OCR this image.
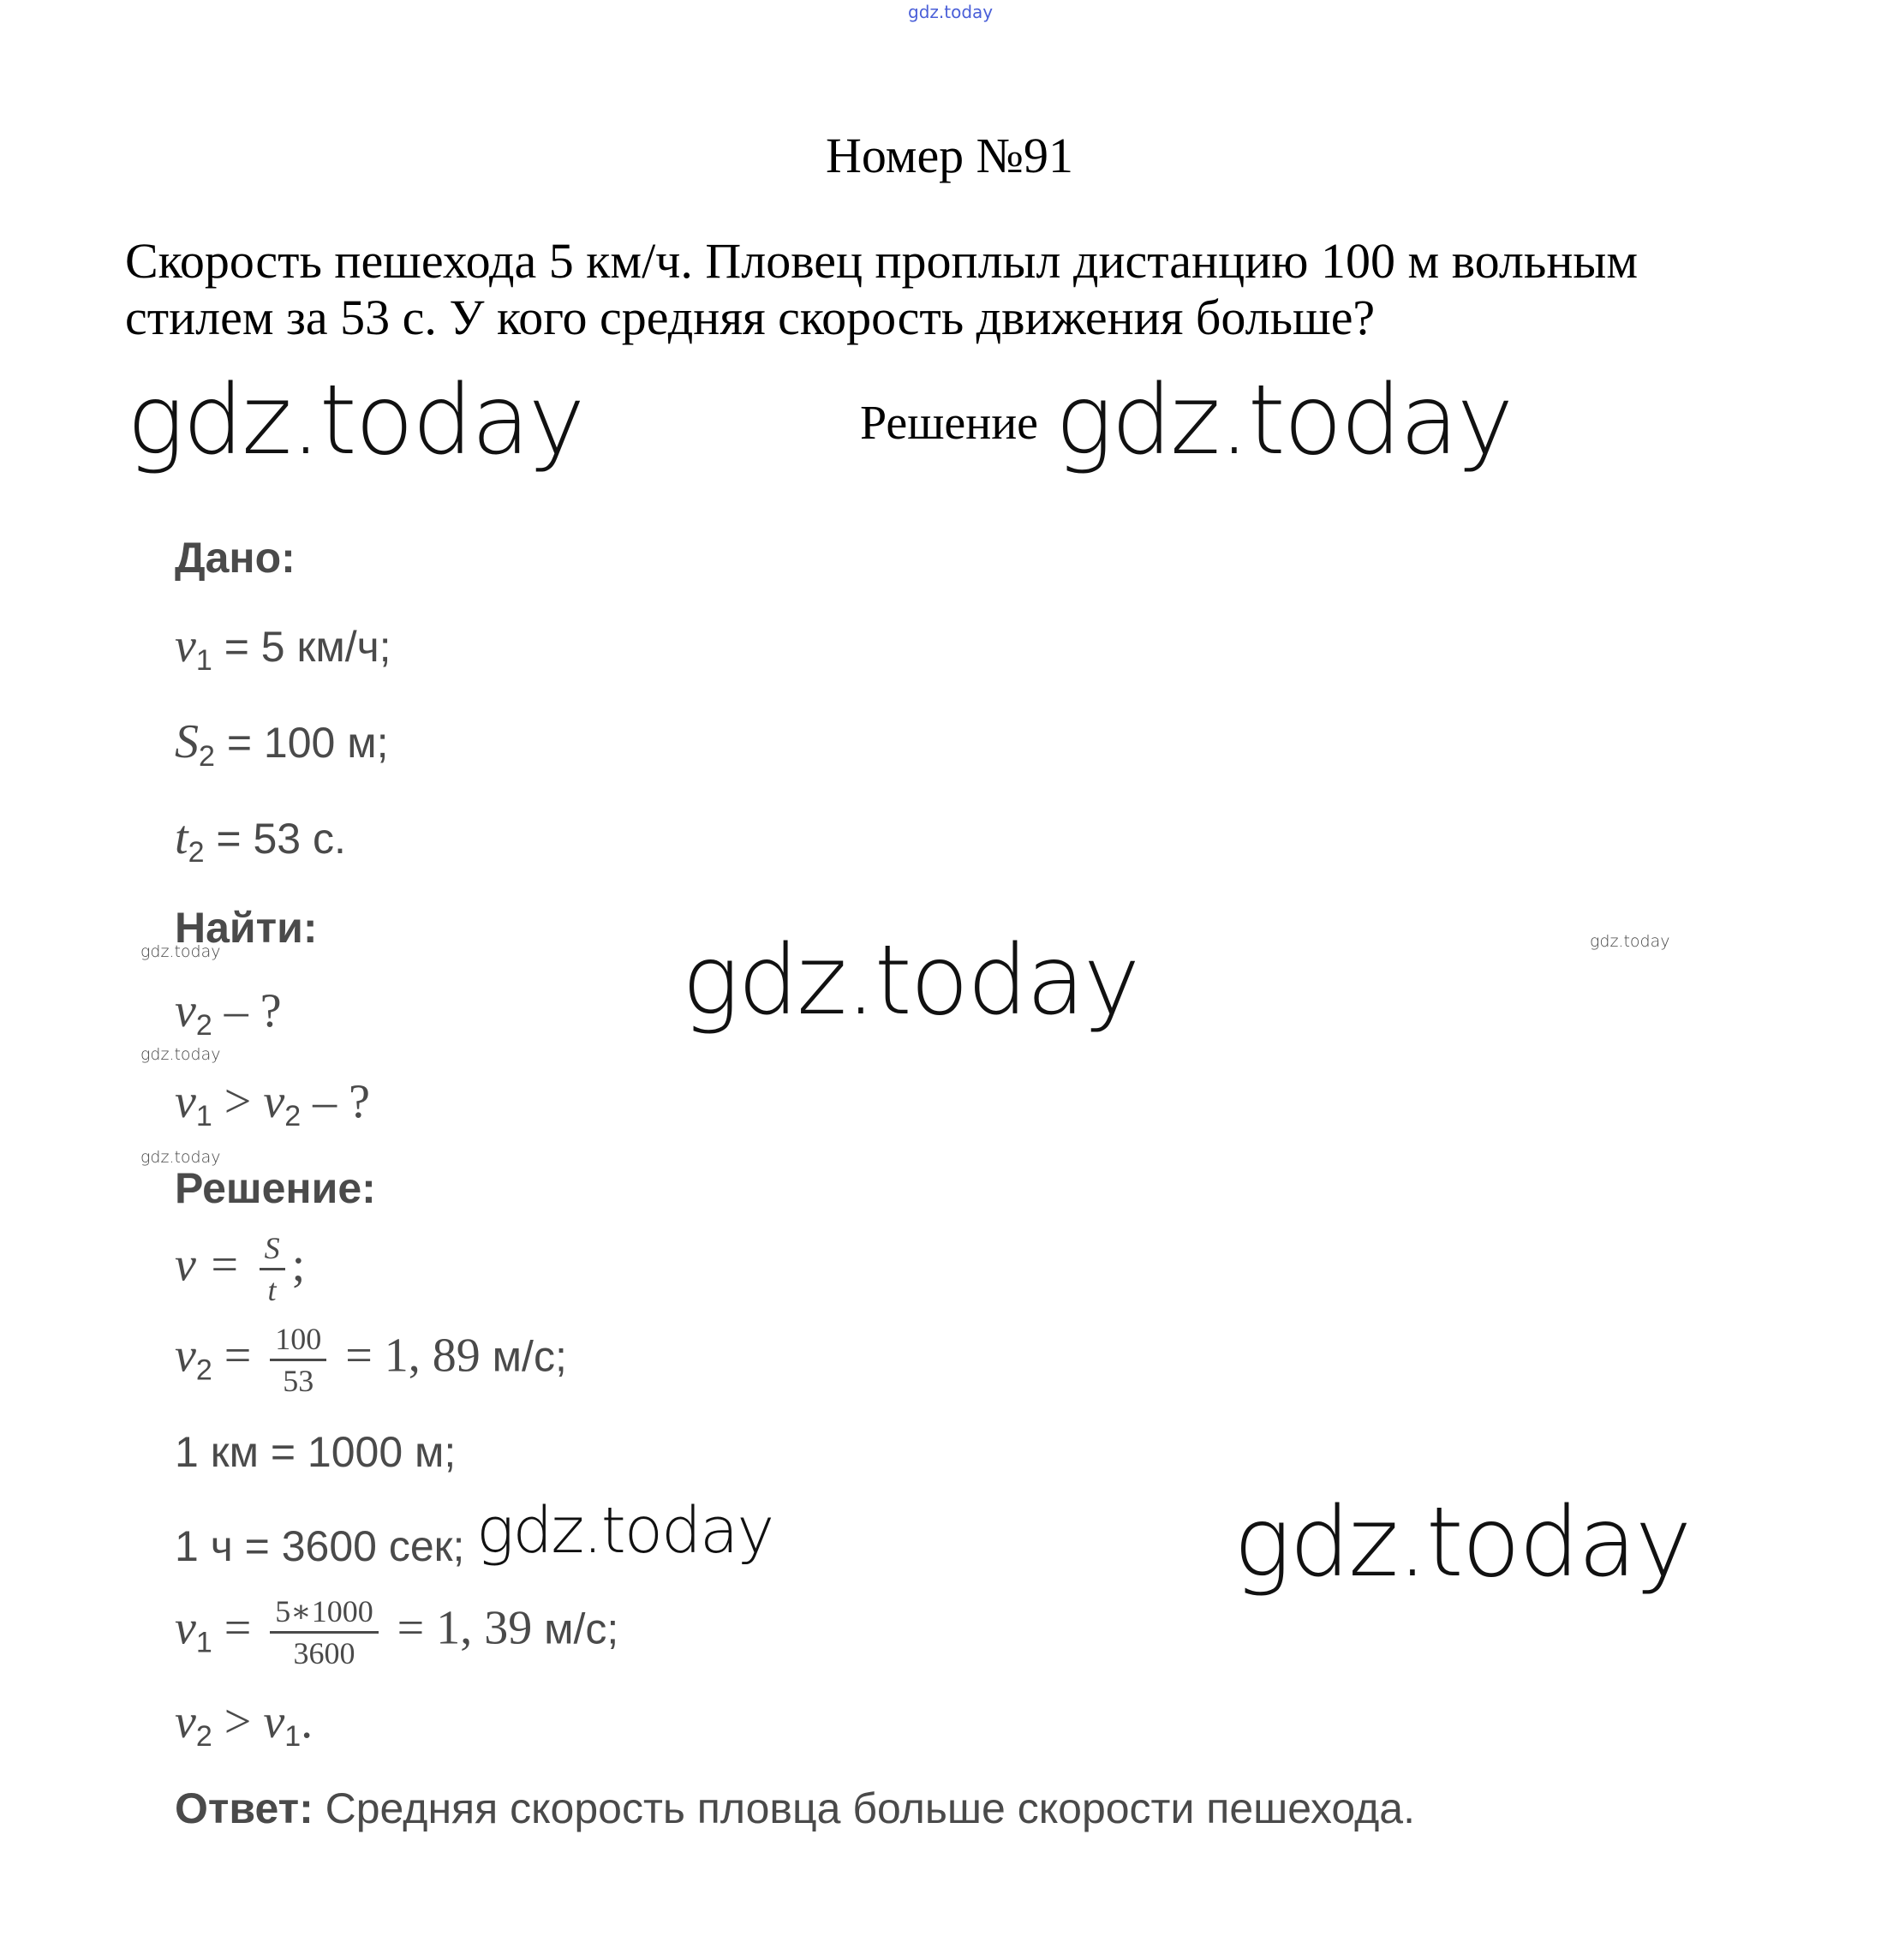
gdz.today
Номер №91
Скорость пешехода 5 км/ч. Пловец проплыл дистанцию 100 м вольным стилем за 53 с. У кого средняя скорость движения больше?
gdz.today	Решение gdz.today
Дано:
$v_1 = 5$ км/ч;
$S_2 = 100$ м;
$t_2 = 53$ с.
Найти:
gdz.today
gdz.today
gdz.today
$v_2$ – ?
gdz.today
$v_1 > v_2$ – ?
gdz.today
Решение:
$v = \frac{S}{t}$ ;
$v_2 = \frac{100}{53} = 1$, 89 м/с;
1 км = 1000 м;
1 ч = 3600 сек; gdz.today	gdz.today
$v_1 = \frac{5∗1000}{3600} = 1$, 39 м/с;
$v_2 > v_1$.
Ответ: Средняя скорость пловца больше скорости пешехода.
